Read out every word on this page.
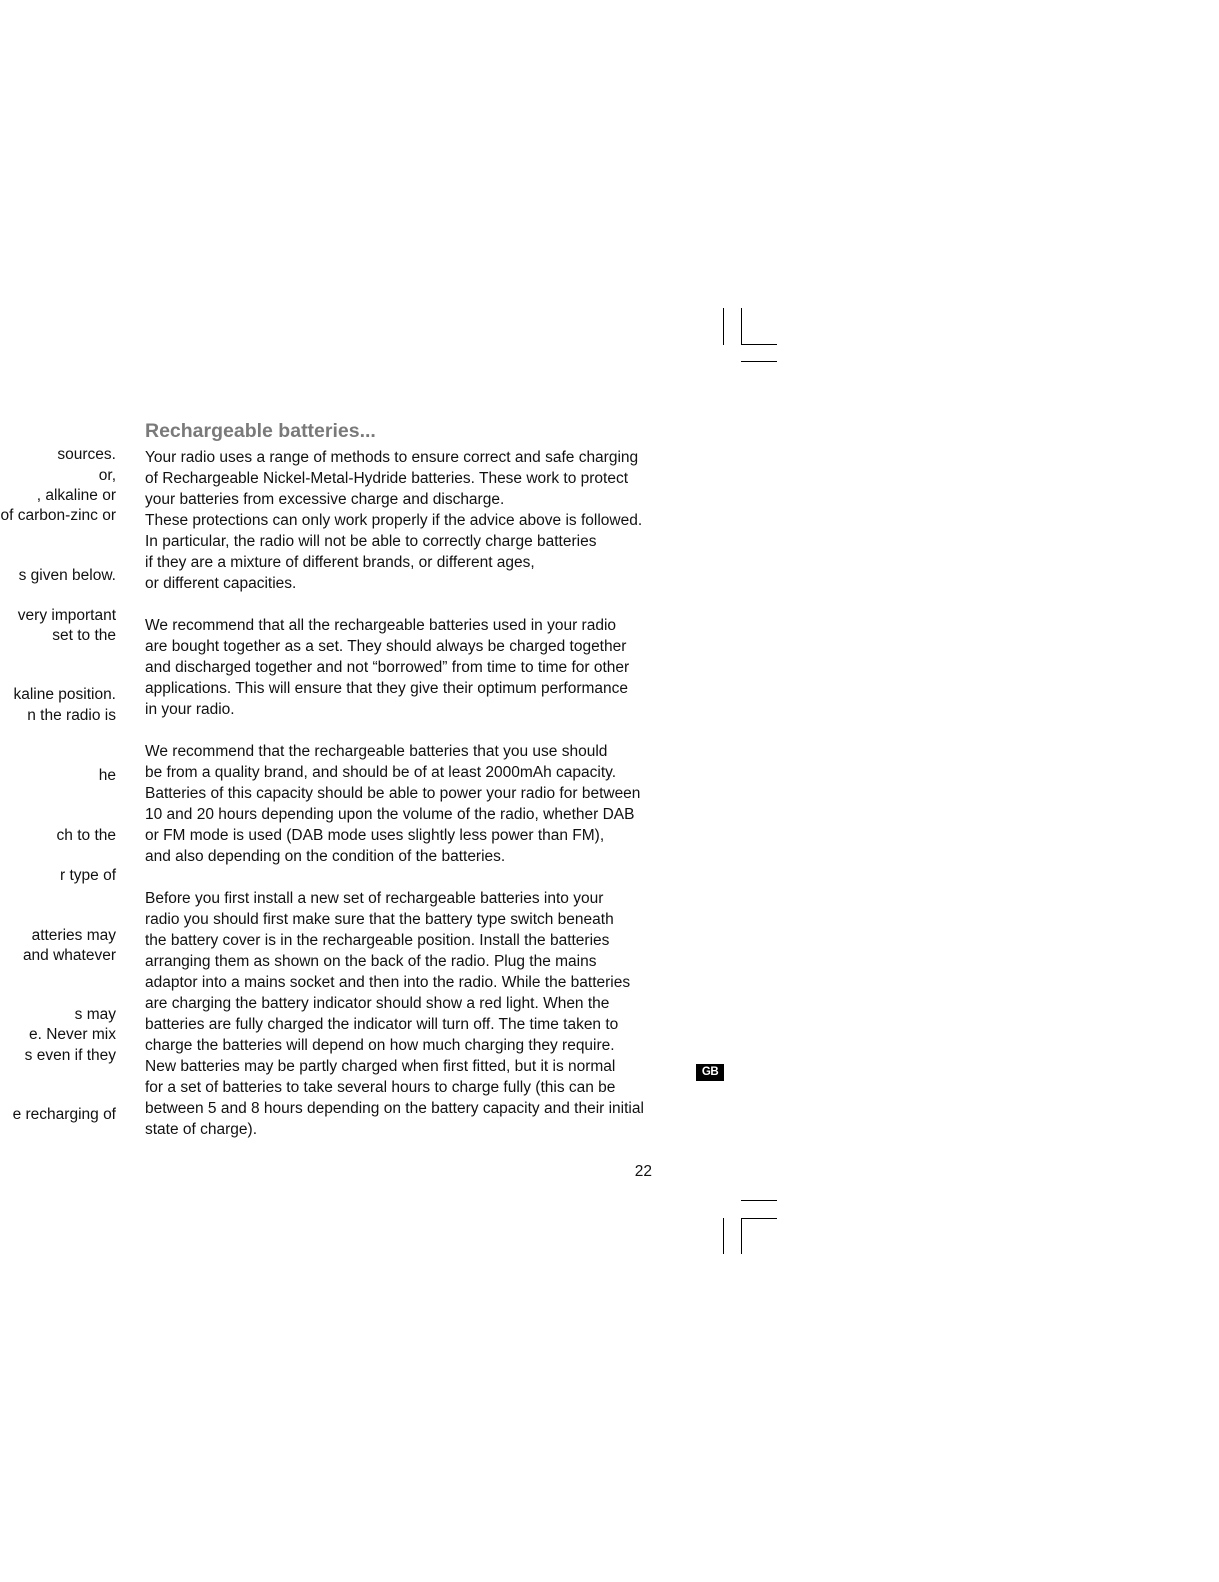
sources.
or,
, alkaline or
of carbon-zinc or
s given below.
very important
set to the
kaline position.
n the radio is
he
ch to the
r type of
atteries may
and whatever
s may
e. Never mix
s even if they
e recharging of
Rechargeable batteries...

Your radio uses a range of methods to ensure correct and safe charging
of Rechargeable Nickel-Metal-Hydride batteries. These work to protect
your batteries from excessive charge and discharge.
These protections can only work properly if the advice above is followed.
In particular, the radio will not be able to correctly charge batteries
if they are a mixture of different brands, or different ages,
or different capacities.

We recommend that all the rechargeable batteries used in your radio
are bought together as a set. They should always be charged together
and discharged together and not “borrowed” from time to time for other
applications. This will ensure that they give their optimum performance
in your radio.

We recommend that the rechargeable batteries that you use should
be from a quality brand, and should be of at least 2000mAh capacity.
Batteries of this capacity should be able to power your radio for between
10 and 20 hours depending upon the volume of the radio, whether DAB
or FM mode is used (DAB mode uses slightly less power than FM),
and also depending on the condition of the batteries.

Before you first install a new set of rechargeable batteries into your
radio you should first make sure that the battery type switch beneath
the battery cover is in the rechargeable position. Install the batteries
arranging them as shown on the back of the radio. Plug the mains
adaptor into a mains socket and then into the radio. While the batteries
are charging the battery indicator should show a red light. When the
batteries are fully charged the indicator will turn off. The time taken to
charge the batteries will depend on how much charging they require.
New batteries may be partly charged when first fitted, but it is normal
for a set of batteries to take several hours to charge fully (this can be
between 5 and 8 hours depending on the battery capacity and their initial
state of charge).

22
GB
